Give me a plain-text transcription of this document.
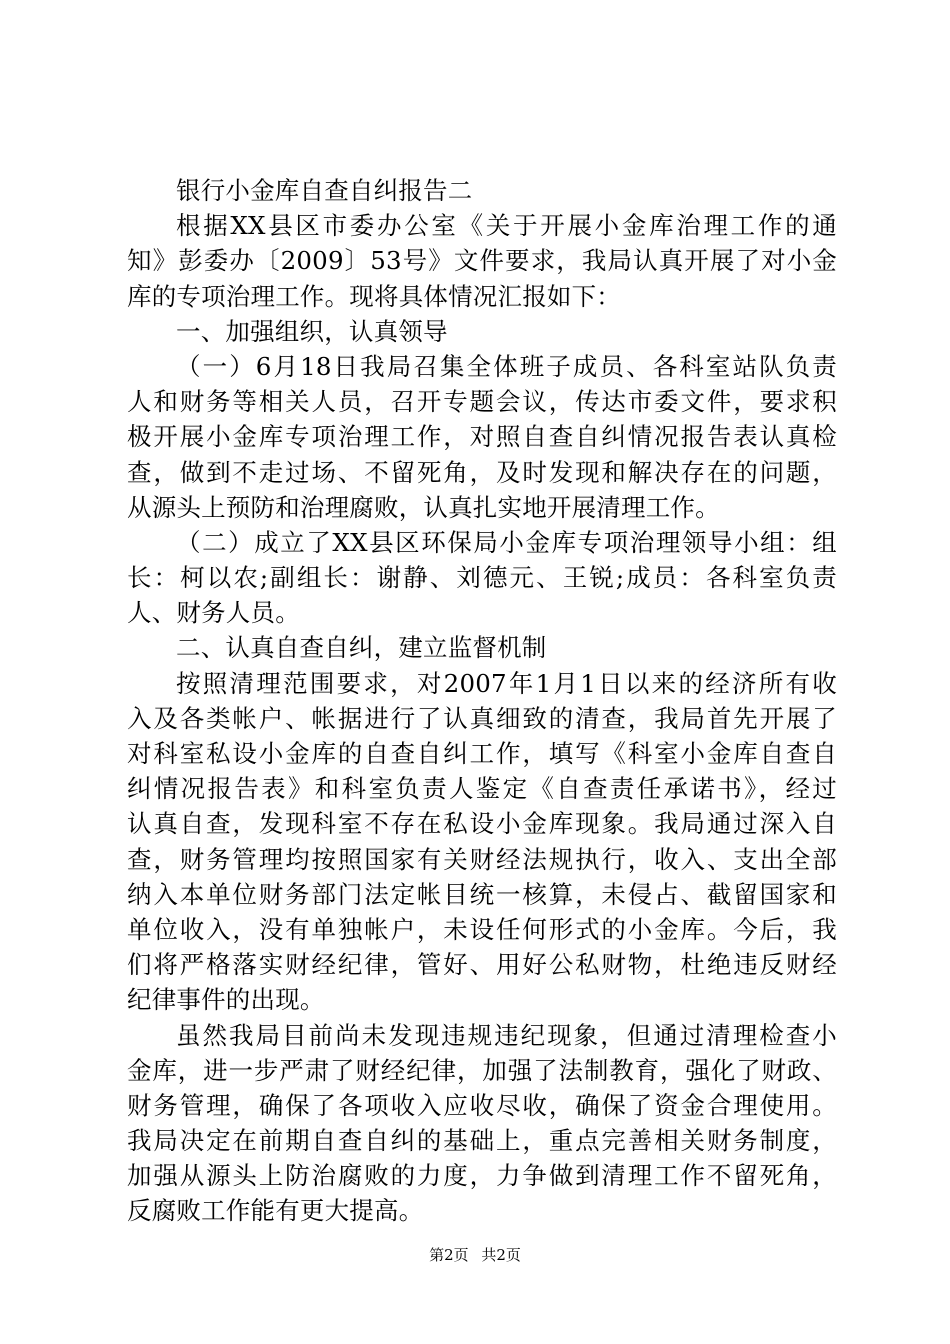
银行小金库自查自纠报告二
根据XX县区市委办公室《关于开展小金库治理工作的通
知》彭委办〔2009〕53号》文件要求，我局认真开展了对小金
库的专项治理工作。现将具体情况汇报如下：
一、加强组织，认真领导
（一）6月18日我局召集全体班子成员、各科室站队负责
人和财务等相关人员，召开专题会议，传达市委文件，要求积
极开展小金库专项治理工作，对照自查自纠情况报告表认真检
查，做到不走过场、不留死角，及时发现和解决存在的问题，
从源头上预防和治理腐败，认真扎实地开展清理工作。
（二）成立了XX县区环保局小金库专项治理领导小组：组
长：柯以农;副组长：谢静、刘德元、王锐;成员：各科室负责
人、财务人员。
二、认真自查自纠，建立监督机制
按照清理范围要求，对2007年1月1日以来的经济所有收
入及各类帐户、帐据进行了认真细致的清查，我局首先开展了
对科室私设小金库的自查自纠工作，填写《科室小金库自查自
纠情况报告表》和科室负责人鉴定《自查责任承诺书》，经过
认真自查，发现科室不存在私设小金库现象。我局通过深入自
查，财务管理均按照国家有关财经法规执行，收入、支出全部
纳入本单位财务部门法定帐目统一核算，未侵占、截留国家和
单位收入，没有单独帐户，未设任何形式的小金库。今后，我
们将严格落实财经纪律，管好、用好公私财物，杜绝违反财经
纪律事件的出现。
虽然我局目前尚未发现违规违纪现象，但通过清理检查小
金库，进一步严肃了财经纪律，加强了法制教育，强化了财政、
财务管理，确保了各项收入应收尽收，确保了资金合理使用。
我局决定在前期自查自纠的基础上，重点完善相关财务制度，
加强从源头上防治腐败的力度，力争做到清理工作不留死角，
反腐败工作能有更大提高。
第2页 共2页
